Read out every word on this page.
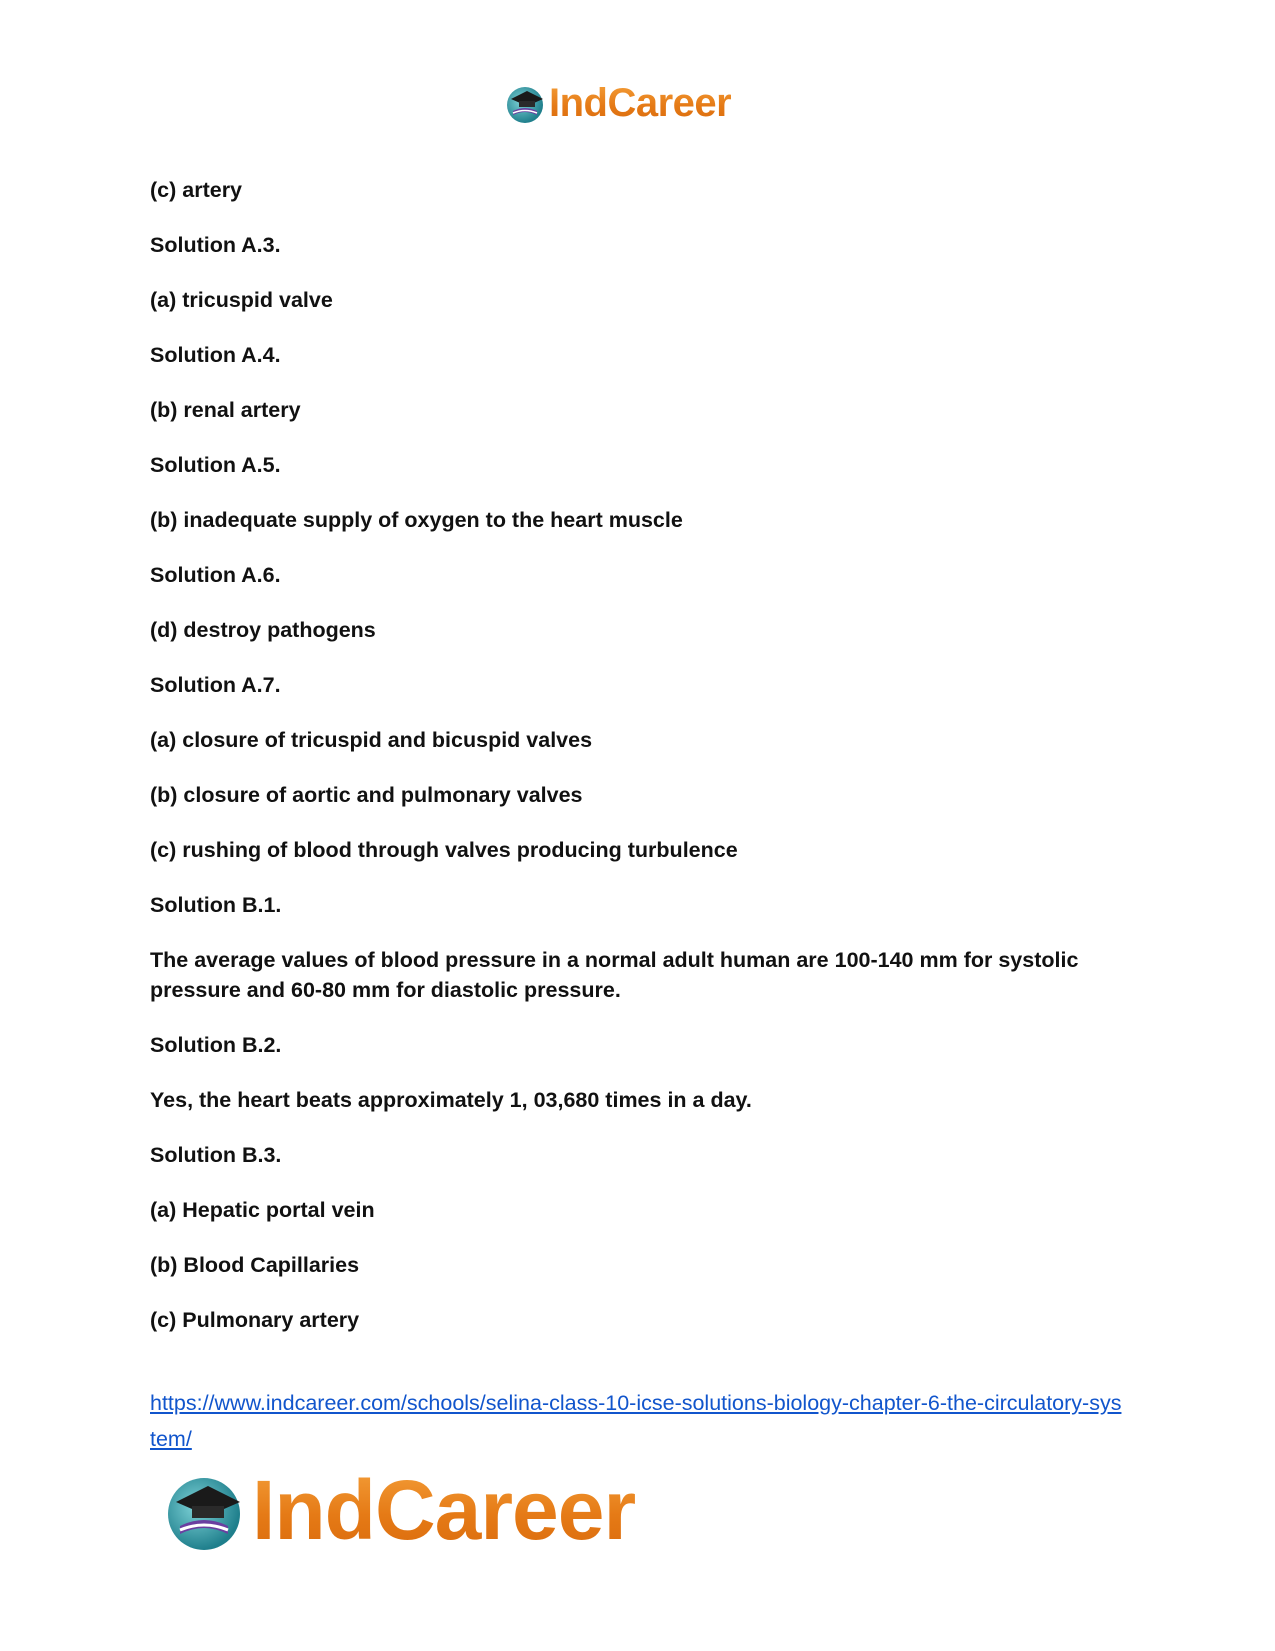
IndCareer

(c) artery

Solution A.3.

(a) tricuspid valve

Solution A.4.

(b) renal artery

Solution A.5.

(b) inadequate supply of oxygen to the heart muscle

Solution A.6.

(d) destroy pathogens

Solution A.7.

(a) closure of tricuspid and bicuspid valves

(b) closure of aortic and pulmonary valves

(c) rushing of blood through valves producing turbulence

Solution B.1.

The average values of blood pressure in a normal adult human are 100-140 mm for systolic pressure and 60-80 mm for diastolic pressure.

Solution B.2.

Yes, the heart beats approximately 1, 03,680 times in a day.

Solution B.3.

(a) Hepatic portal vein

(b) Blood Capillaries

(c) Pulmonary artery

https://www.indcareer.com/schools/selina-class-10-icse-solutions-biology-chapter-6-the-circulatory-system/
IndCareer
